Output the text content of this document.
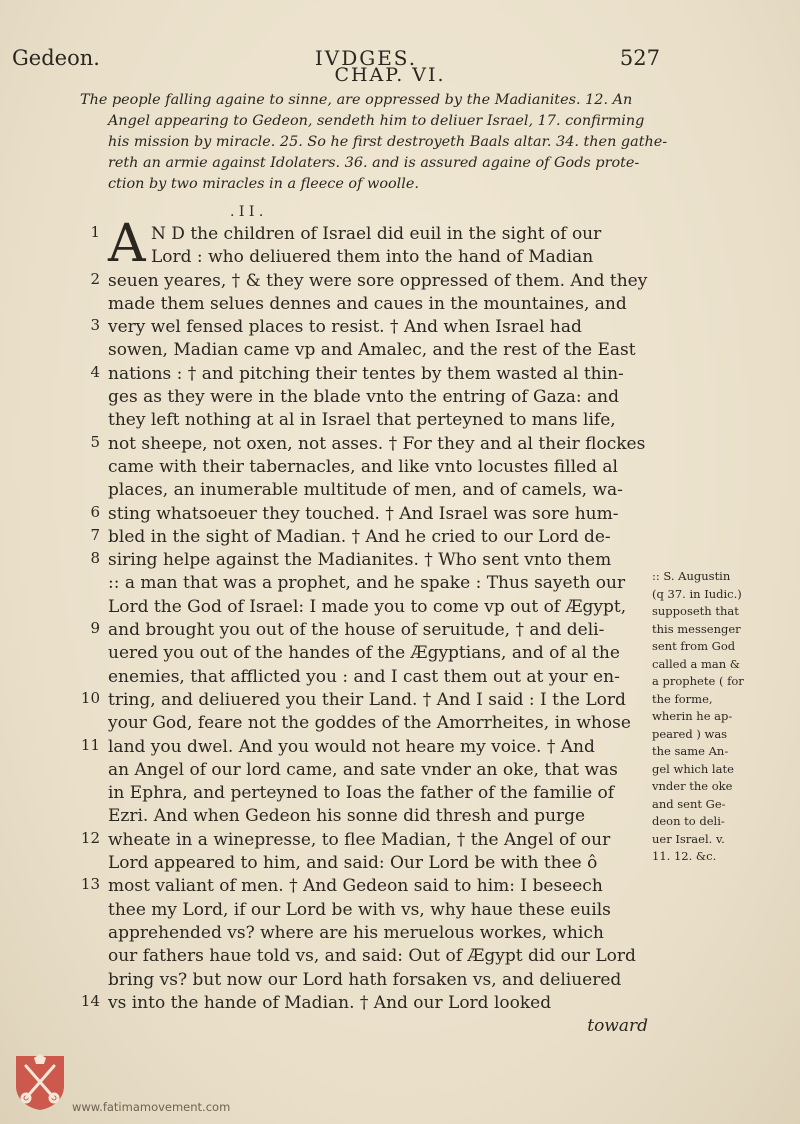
Gedeon.	IVDGES.	527
CHAP. VI.
The people falling againe to sinne, are oppressed by the Madianites. 12. An
Angel appearing to Gedeon, sendeth him to deliuer Israel, 17. confirming
his mission by miracle. 25. So he first destroyeth Baals altar. 34. then gathe-
reth an armie against Idolaters. 36. and is assured againe of Gods prote-
ction by two miracles in a fleece of woolle.
. I I .
A
1
2
3
4
5
6
7
8
9
10
11
12
13
14
N D the children of Israel did euil in the sight of our
Lord : who deliuered them into the hand of Madian
seuen yeares, † & they were sore oppressed of them. And they
made them selues dennes and caues in the mountaines, and
very wel fensed places to resist. † And when Israel had
sowen, Madian came vp and Amalec, and the rest of the East
nations : † and pitching their tentes by them wasted al thin-
ges as they were in the blade vnto the entring of Gaza: and
they left nothing at al in Israel that perteyned to mans life,
not sheepe, not oxen, not asses. † For they and al their flockes
came with their tabernacles, and like vnto locustes filled al
places, an inumerable multitude of men, and of camels, wa-
sting whatsoeuer they touched. † And Israel was sore hum-
bled in the sight of Madian. † And he cried to our Lord de-
siring helpe against the Madianites. † Who sent vnto them
:: a man that was a prophet, and he spake : Thus sayeth our
Lord the God of Israel: I made you to come vp out of Ægypt,
and brought you out of the house of seruitude, † and deli-
uered you out of the handes of the Ægyptians, and of al the
enemies, that afflicted you : and I cast them out at your en-
tring, and deliuered you their Land. † And I said : I the Lord
your God, feare not the goddes of the Amorrheites, in whose
land you dwel. And you would not heare my voice. † And
an Angel of our lord came, and sate vnder an oke, that was
in Ephra, and perteyned to Ioas the father of the familie of
Ezri. And when Gedeon his sonne did thresh and purge
wheate in a winepresse, to flee Madian, † the Angel of our
Lord appeared to him, and said: Our Lord be with thee ô
most valiant of men. † And Gedeon said to him: I beseech
thee my Lord, if our Lord be with vs, why haue these euils
apprehended vs? where are his meruelous workes, which
our fathers haue told vs, and said: Out of Ægypt did our Lord
bring vs? but now our Lord hath forsaken vs, and deliuered
vs into the hande of Madian. † And our Lord looked
toward
:: S. Augustin
(q 37. in Iudic.)
supposeth that
this messenger
sent from God
called a man &
a prophete ( for
the forme,
wherin he ap-
peared ) was
the same An-
gel which late
vnder the oke
and sent Ge-
deon to deli-
uer Israel. v.
11. 12. &c.
www.fatimamovement.com
